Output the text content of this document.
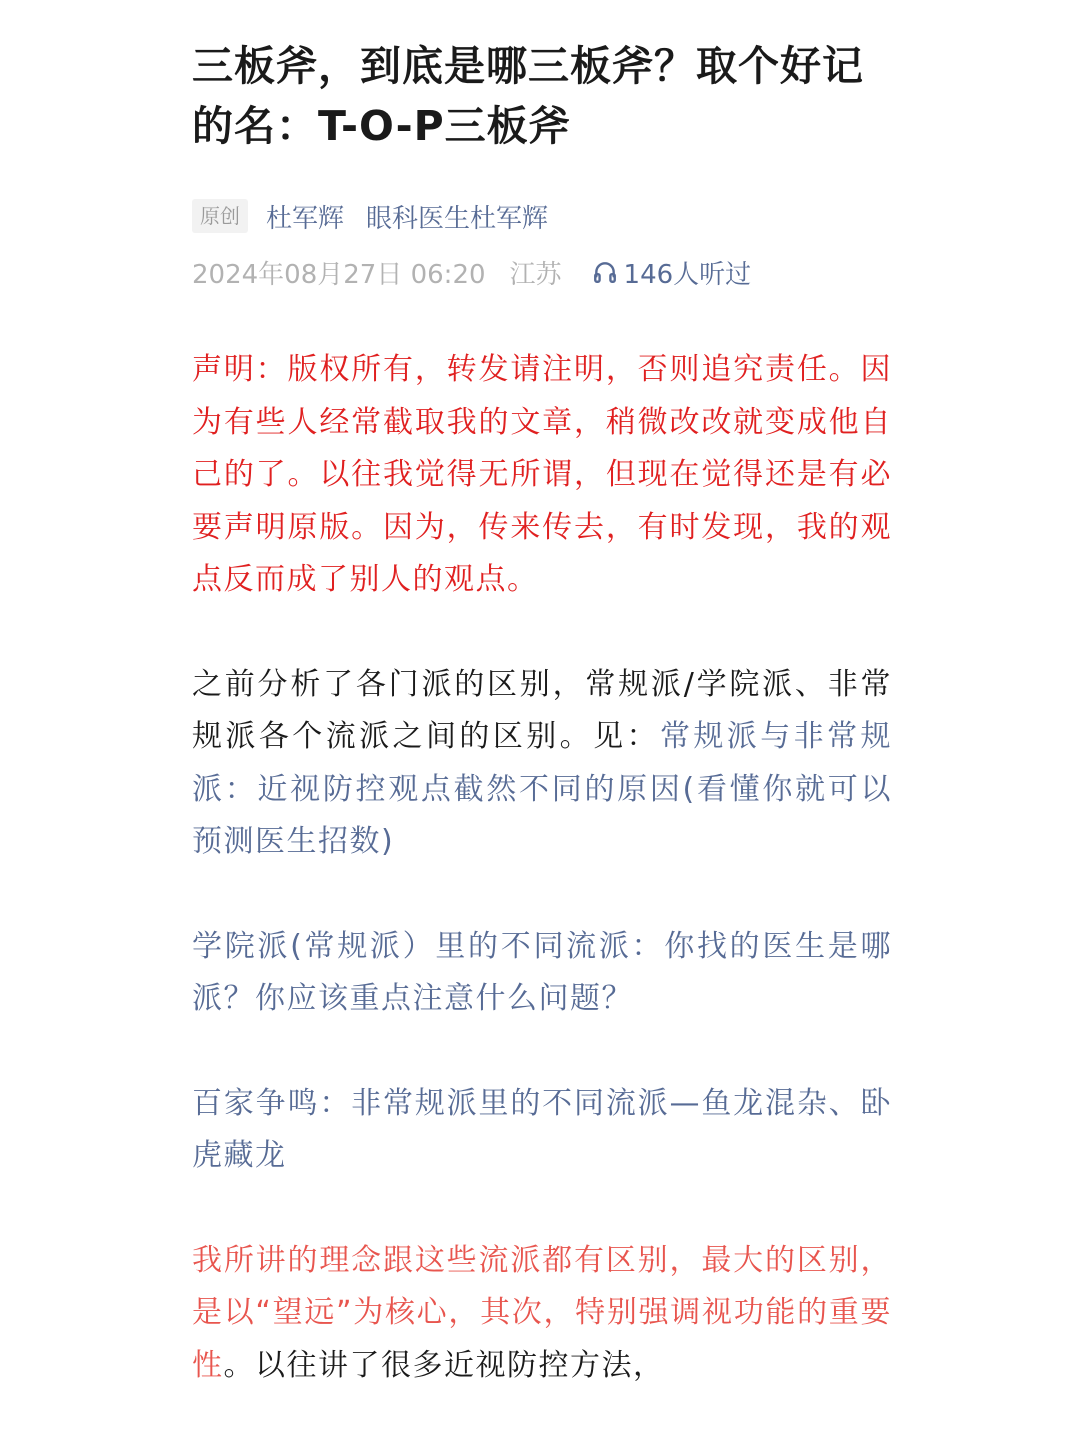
三板斧，到底是哪三板斧？取个好记的名：T-O-P三板斧
原创	杜军辉 眼科医生杜军辉
2024年08月27日 06:20 江苏 146人听过

声明：版权所有，转发请注明，否则追究责任。因为有些人经常截取我的文章，稍微改改就变成他自己的了。以往我觉得无所谓，但现在觉得还是有必要声明原版。因为，传来传去，有时发现，我的观点反而成了别人的观点。

之前分析了各门派的区别，常规派/学院派、非常规派各个流派之间的区别。见：常规派与非常规派：近视防控观点截然不同的原因(看懂你就可以预测医生招数)

学院派(常规派）里的不同流派：你找的医生是哪派？你应该重点注意什么问题？

百家争鸣：非常规派里的不同流派—鱼龙混杂、卧虎藏龙

我所讲的理念跟这些流派都有区别，最大的区别，是以“望远”为核心，其次，特别强调视功能的重要性。以往讲了很多近视防控方法，
